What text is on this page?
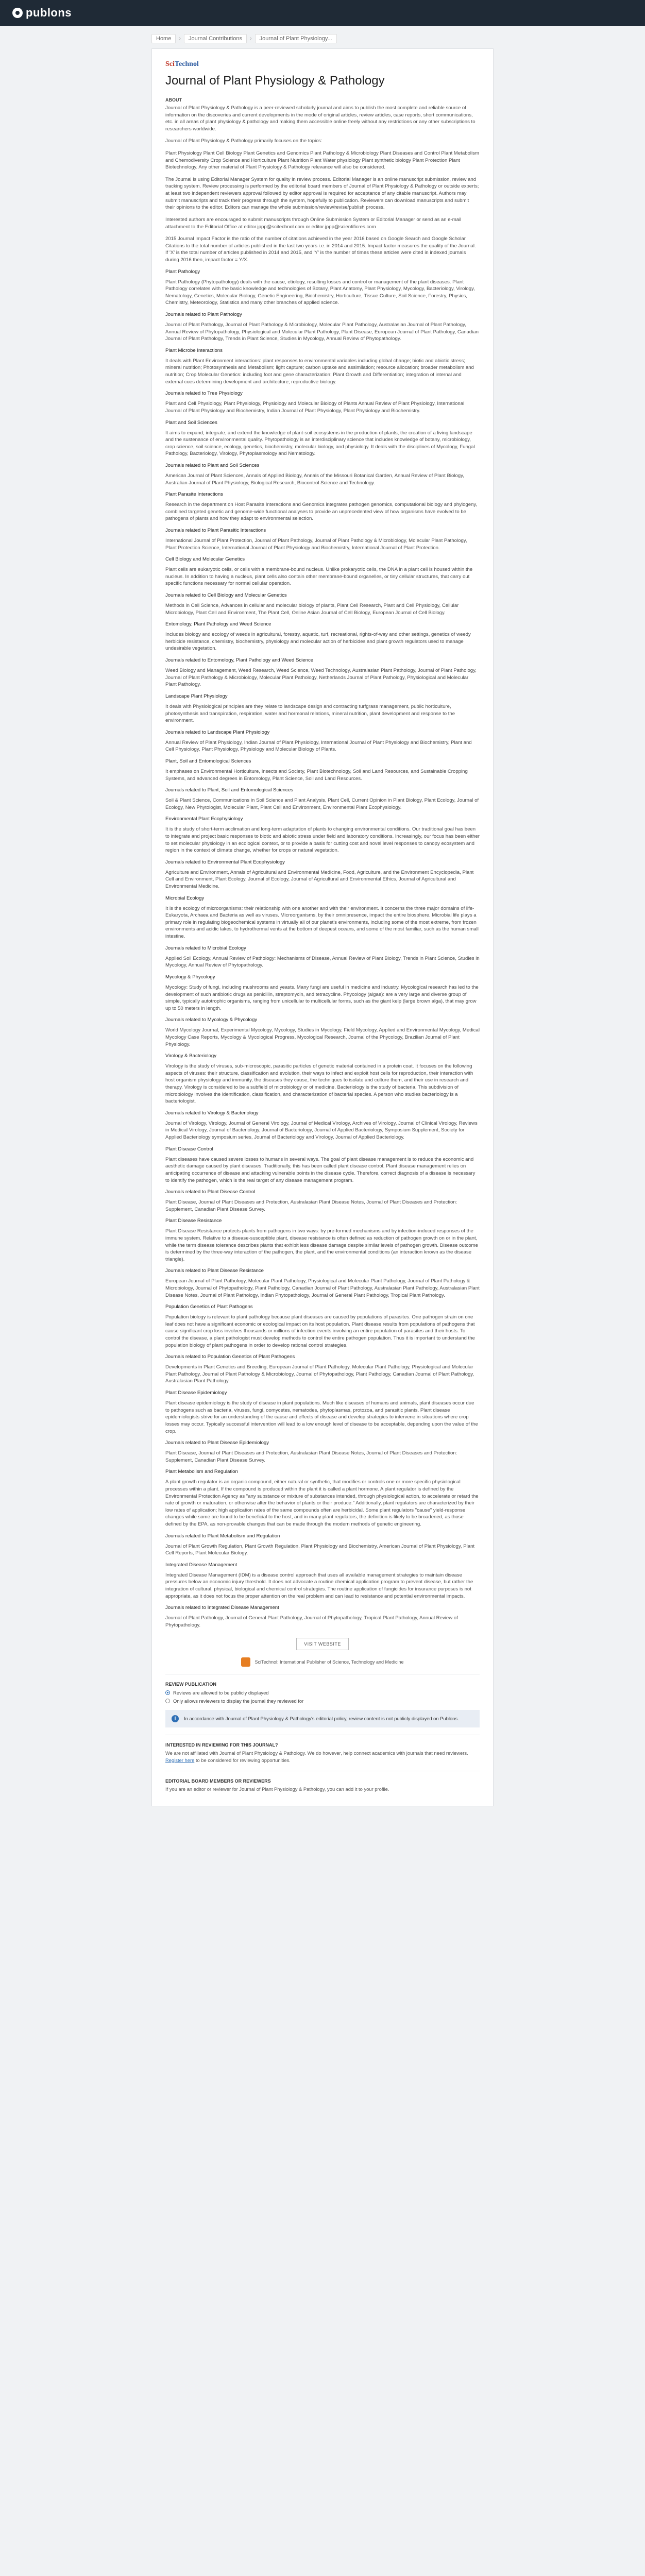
publons
Home	›	Journal Contributions	›	Journal of Plant Physiology...
SciTechnol
Journal of Plant Physiology & Pathology
ABOUT

Journal of Plant Physiology & Pathology is a peer-reviewed scholarly journal and aims to publish the most complete and reliable source of information on the discoveries and current developments in the mode of original articles, review articles, case reports, short communications, etc. in all areas of plant physiology & pathology and making them accessible online freely without any restrictions or any other subscriptions to researchers worldwide.

Journal of Plant Physiology & Pathology primarily focuses on the topics:

Plant Physiology Plant Cell Biology Plant Genetics and Genomics Plant Pathology & Microbiology Plant Diseases and Control Plant Metabolism and Chemodiversity Crop Science and Horticulture Plant Nutrition Plant Water physiology Plant synthetic biology Plant Protection Plant Biotechnology. Any other material of Plant Physiology & Pathology relevance will also be considered.

The Journal is using Editorial Manager System for quality in review process. Editorial Manager is an online manuscript submission, review and tracking system. Review processing is performed by the editorial board members of Journal of Plant Physiology & Pathology or outside experts; at least two independent reviewers approval followed by editor approval is required for acceptance of any citable manuscript. Authors may submit manuscripts and track their progress through the system, hopefully to publication. Reviewers can download manuscripts and submit their opinions to the editor. Editors can manage the whole submission/review/revise/publish process.

Interested authors are encouraged to submit manuscripts through Online Submission System or Editorial Manager or send as an e-mail attachment to the Editorial Office at editor.jppp@scitechnol.com or editor.jppp@scientificres.com

2015 Journal Impact Factor is the ratio of the number of citations achieved in the year 2016 based on Google Search and Google Scholar Citations to the total number of articles published in the last two years i.e. in 2014 and 2015. Impact factor measures the quality of the Journal. If 'X' is the total number of articles published in 2014 and 2015, and 'Y' is the number of times these articles were cited in indexed journals during 2016 then, impact factor = Y/X.

Plant Pathology

Plant Pathology (Phytopathology) deals with the cause, etiology, resulting losses and control or management of the plant diseases. Plant Pathology correlates with the basic knowledge and technologies of Botany, Plant Anatomy, Plant Physiology, Mycology, Bacteriology, Virology, Nematology, Genetics, Molecular Biology, Genetic Engineering, Biochemistry, Horticulture, Tissue Culture, Soil Science, Forestry, Physics, Chemistry, Meteorology, Statistics and many other branches of applied science.

Journals related to Plant Pathology

Journal of Plant Pathology, Journal of Plant Pathology & Microbiology, Molecular Plant Pathology, Australasian Journal of Plant Pathology, Annual Review of Phytopathology, Physiological and Molecular Plant Pathology, Plant Disease, European Journal of Plant Pathology, Canadian Journal of Plant Pathology, Trends in Plant Science, Studies in Mycology, Annual Review of Phytopathology.

Plant Microbe Interactions

It deals with Plant Environment interactions: plant responses to environmental variables including global change; biotic and abiotic stress; mineral nutrition; Photosynthesis and Metabolism; light capture; carbon uptake and assimilation; resource allocation; broader metabolism and nutrition; Crop Molecular Genetics: including foot and gene characterization; Plant Growth and Differentiation; integration of internal and external cues determining development and architecture; reproductive biology.

Journals related to Tree Physiology

Plant and Cell Physiology, Plant Physiology, Physiology and Molecular Biology of Plants Annual Review of Plant Physiology, International Journal of Plant Physiology and Biochemistry, Indian Journal of Plant Physiology, Plant Physiology and Biochemistry.

Plant and Soil Sciences

It aims to expand, integrate, and extend the knowledge of plant-soil ecosystems in the production of plants, the creation of a living landscape and the sustenance of environmental quality. Phytopathology is an interdisciplinary science that includes knowledge of botany, microbiology, crop science, soil science, ecology, genetics, biochemistry, molecular biology, and physiology. It deals with the disciplines of Mycology, Fungal Pathology, Bacteriology, Virology, Phytoplasmology and Nematology.

Journals related to Plant and Soil Sciences

American Journal of Plant Sciences, Annals of Applied Biology, Annals of the Missouri Botanical Garden, Annual Review of Plant Biology, Australian Journal of Plant Physiology, Biological Research, Biocontrol Science and Technology.

Plant Parasite Interactions

Research in the department on Host Parasite Interactions and Genomics integrates pathogen genomics, computational biology and phylogeny, combined targeted genetic and genome-wide functional analyses to provide an unprecedented view of how organisms have evolved to be pathogens of plants and how they adapt to environmental selection.

Journals related to Plant Parasitic Interactions

International Journal of Plant Protection, Journal of Plant Pathology, Journal of Plant Pathology & Microbiology, Molecular Plant Pathology, Plant Protection Science, International Journal of Plant Physiology and Biochemistry, International Journal of Plant Protection.

Cell Biology and Molecular Genetics

Plant cells are eukaryotic cells, or cells with a membrane-bound nucleus. Unlike prokaryotic cells, the DNA in a plant cell is housed within the nucleus. In addition to having a nucleus, plant cells also contain other membrane-bound organelles, or tiny cellular structures, that carry out specific functions necessary for normal cellular operation.

Journals related to Cell Biology and Molecular Genetics

Methods in Cell Science, Advances in cellular and molecular biology of plants, Plant Cell Research, Plant and Cell Physiology, Cellular Microbiology, Plant Cell and Environment, The Plant Cell, Online Asian Journal of Cell Biology, European Journal of Cell Biology.

Entomology, Plant Pathology and Weed Science

Includes biology and ecology of weeds in agricultural, forestry, aquatic, turf, recreational, rights-of-way and other settings, genetics of weedy herbicide resistance, chemistry, biochemistry, physiology and molecular action of herbicides and plant growth regulators used to manage undesirable vegetation.

Journals related to Entomology, Plant Pathology and Weed Science

Weed Biology and Management, Weed Research, Weed Science, Weed Technology, Australasian Plant Pathology, Journal of Plant Pathology, Journal of Plant Pathology & Microbiology, Molecular Plant Pathology, Netherlands Journal of Plant Pathology, Physiological and Molecular Plant Pathology.

Landscape Plant Physiology

It deals with Physiological principles are they relate to landscape design and contracting turfgrass management, public horticulture, photosynthesis and transpiration, respiration, water and hormonal relations, mineral nutrition, plant development and response to the environment.

Journals related to Landscape Plant Physiology

Annual Review of Plant Physiology, Indian Journal of Plant Physiology, International Journal of Plant Physiology and Biochemistry, Plant and Cell Physiology, Plant Physiology, Physiology and Molecular Biology of Plants.

Plant, Soil and Entomological Sciences

It emphases on Environmental Horticulture, Insects and Society, Plant Biotechnology, Soil and Land Resources, and Sustainable Cropping Systems, and advanced degrees in Entomology, Plant Science, Soil and Land Resources.

Journals related to Plant, Soil and Entomological Sciences

Soil & Plant Science, Communications in Soil Science and Plant Analysis, Plant Cell, Current Opinion in Plant Biology, Plant Ecology, Journal of Ecology, New Phytologist, Molecular Plant, Plant Cell and Environment, Environmental Plant Ecophysiology.

Environmental Plant Ecophysiology

It is the study of short-term acclimation and long-term adaptation of plants to changing environmental conditions. Our traditional goal has been to integrate and project basic responses to biotic and abiotic stress under field and laboratory conditions. Increasingly, our focus has been either to set molecular physiology in an ecological context, or to provide a basis for cutting cost and novel level responses to canopy ecosystem and region in the context of climate change, whether for crops or natural vegetation.

Journals related to Environmental Plant Ecophysiology

Agriculture and Environment, Annals of Agricultural and Environmental Medicine, Food, Agriculture, and the Environment Encyclopedia, Plant Cell and Environment, Plant Ecology, Journal of Ecology, Journal of Agricultural and Environmental Ethics, Journal of Agricultural and Environmental Medicine.

Microbial Ecology

It is the ecology of microorganisms: their relationship with one another and with their environment. It concerns the three major domains of life-Eukaryota, Archaea and Bacteria as well as viruses. Microorganisms, by their omnipresence, impact the entire biosphere. Microbial life plays a primary role in regulating biogeochemical systems in virtually all of our planet's environments, including some of the most extreme, from frozen environments and acidic lakes, to hydrothermal vents at the bottom of deepest oceans, and some of the most familiar, such as the human small intestine.

Journals related to Microbial Ecology

Applied Soil Ecology, Annual Review of Pathology: Mechanisms of Disease, Annual Review of Plant Biology, Trends in Plant Science, Studies in Mycology, Annual Review of Phytopathology.

Mycology & Phycology

Mycology: Study of fungi, including mushrooms and yeasts. Many fungi are useful in medicine and industry. Mycological research has led to the development of such antibiotic drugs as penicillin, streptomycin, and tetracycline. Phycology (algae): are a very large and diverse group of simple, typically autotrophic organisms, ranging from unicellular to multicellular forms, such as the giant kelp (large brown alga), that may grow up to 50 meters in length.

Journals related to Mycology & Phycology

World Mycology Journal, Experimental Mycology, Mycology, Studies in Mycology, Field Mycology, Applied and Environmental Mycology, Medical Mycology Case Reports, Mycology & Mycological Progress, Mycological Research, Journal of the Phycology, Brazilian Journal of Plant Physiology.

Virology & Bacteriology

Virology is the study of viruses, sub-microscopic, parasitic particles of genetic material contained in a protein coat. It focuses on the following aspects of viruses: their structure, classification and evolution, their ways to infect and exploit host cells for reproduction, their interaction with host organism physiology and immunity, the diseases they cause, the techniques to isolate and culture them, and their use in research and therapy. Virology is considered to be a subfield of microbiology or of medicine. Bacteriology is the study of bacteria. This subdivision of microbiology involves the identification, classification, and characterization of bacterial species. A person who studies bacteriology is a bacteriologist.

Journals related to Virology & Bacteriology

Journal of Virology, Virology, Journal of General Virology, Journal of Medical Virology, Archives of Virology, Journal of Clinical Virology, Reviews in Medical Virology, Journal of Bacteriology, Journal of Bacteriology, Journal of Applied Bacteriology, Symposium Supplement, Society for Applied Bacteriology symposium series, Journal of Bacteriology and Virology, Journal of Applied Bacteriology.

Plant Disease Control

Plant diseases have caused severe losses to humans in several ways. The goal of plant disease management is to reduce the economic and aesthetic damage caused by plant diseases. Traditionally, this has been called plant disease control. Plant disease management relies on anticipating occurrence of disease and attacking vulnerable points in the disease cycle. Therefore, correct diagnosis of a disease is necessary to identify the pathogen, which is the real target of any disease management program.

Journals related to Plant Disease Control

Plant Disease, Journal of Plant Diseases and Protection, Australasian Plant Disease Notes, Journal of Plant Diseases and Protection: Supplement, Canadian Plant Disease Survey.

Plant Disease Resistance

Plant Disease Resistance protects plants from pathogens in two ways: by pre-formed mechanisms and by infection-induced responses of the immune system. Relative to a disease-susceptible plant, disease resistance is often defined as reduction of pathogen growth on or in the plant, while the term disease tolerance describes plants that exhibit less disease damage despite similar levels of pathogen growth. Disease outcome is determined by the three-way interaction of the pathogen, the plant, and the environmental conditions (an interaction known as the disease triangle).

Journals related to Plant Disease Resistance

European Journal of Plant Pathology, Molecular Plant Pathology, Physiological and Molecular Plant Pathology, Journal of Plant Pathology & Microbiology, Journal of Phytopathology, Plant Pathology, Canadian Journal of Plant Pathology, Australasian Plant Pathology, Australasian Plant Disease Notes, Journal of Plant Pathology, Indian Phytopathology, Journal of General Plant Pathology, Tropical Plant Pathology.

Population Genetics of Plant Pathogens

Population biology is relevant to plant pathology because plant diseases are caused by populations of parasites. One pathogen strain on one leaf does not have a significant economic or ecological impact on its host population. Plant disease results from populations of pathogens that cause significant crop loss involves thousands or millions of infection events involving an entire population of parasites and their hosts. To control the disease, a plant pathologist must develop methods to control the entire pathogen population. Thus it is important to understand the population biology of plant pathogens in order to develop rational control strategies.

Journals related to Population Genetics of Plant Pathogens

Developments in Plant Genetics and Breeding, European Journal of Plant Pathology, Molecular Plant Pathology, Physiological and Molecular Plant Pathology, Journal of Plant Pathology & Microbiology, Journal of Phytopathology, Plant Pathology, Canadian Journal of Plant Pathology, Australasian Plant Pathology.

Plant Disease Epidemiology

Plant disease epidemiology is the study of disease in plant populations. Much like diseases of humans and animals, plant diseases occur due to pathogens such as bacteria, viruses, fungi, oomycetes, nematodes, phytoplasmas, protozoa, and parasitic plants. Plant disease epidemiologists strive for an understanding of the cause and effects of disease and develop strategies to intervene in situations where crop losses may occur. Typically successful intervention will lead to a low enough level of disease to be acceptable, depending upon the value of the crop.

Journals related to Plant Disease Epidemiology

Plant Disease, Journal of Plant Diseases and Protection, Australasian Plant Disease Notes, Journal of Plant Diseases and Protection: Supplement, Canadian Plant Disease Survey.

Plant Metabolism and Regulation

A plant growth regulator is an organic compound, either natural or synthetic, that modifies or controls one or more specific physiological processes within a plant. If the compound is produced within the plant it is called a plant hormone. A plant regulator is defined by the Environmental Protection Agency as "any substance or mixture of substances intended, through physiological action, to accelerate or retard the rate of growth or maturation, or otherwise alter the behavior of plants or their produce." Additionally, plant regulators are characterized by their low rates of application; high application rates of the same compounds often are herbicidal. Some plant regulators "cause" yield-response changes while some are found to be beneficial to the host, and in many plant regulators, the definition is likely to be broadened, as those defined by the EPA, as non-provable changes that can be made through the modern methods of genetic engineering.

Journals related to Plant Metabolism and Regulation

Journal of Plant Growth Regulation, Plant Growth Regulation, Plant Physiology and Biochemistry, American Journal of Plant Physiology, Plant Cell Reports, Plant Molecular Biology.

Integrated Disease Management

Integrated Disease Management (IDM) is a disease control approach that uses all available management strategies to maintain disease pressures below an economic injury threshold. It does not advocate a routine chemical application program to prevent disease, but rather the integration of cultural, physical, biological and chemical control strategies. The routine application of fungicides for insurance purposes is not appropriate, as it does not focus the proper attention on the real problem and can lead to resistance and potential environmental impacts.

Journals related to Integrated Disease Management

Journal of Plant Pathology, Journal of General Plant Pathology, Journal of Phytopathology, Tropical Plant Pathology, Annual Review of Phytopathology.

VISIT WEBSITE
SciTechnol: International Publisher of Science, Technology and Medicine
REVIEW PUBLICATION
Reviews are allowed to be publicly displayed
Only allows reviewers to display the journal they reviewed for
i	In accordance with Journal of Plant Physiology & Pathology's editorial policy, review content is not publicly displayed on Publons.
INTERESTED IN REVIEWING FOR THIS JOURNAL?

We are not affiliated with Journal of Plant Physiology & Pathology. We do however, help connect academics with journals that need reviewers. Register here to be considered for reviewing opportunities.

EDITORIAL BOARD MEMBERS OR REVIEWERS

If you are an editor or reviewer for Journal of Plant Physiology & Pathology, you can add it to your profile.
